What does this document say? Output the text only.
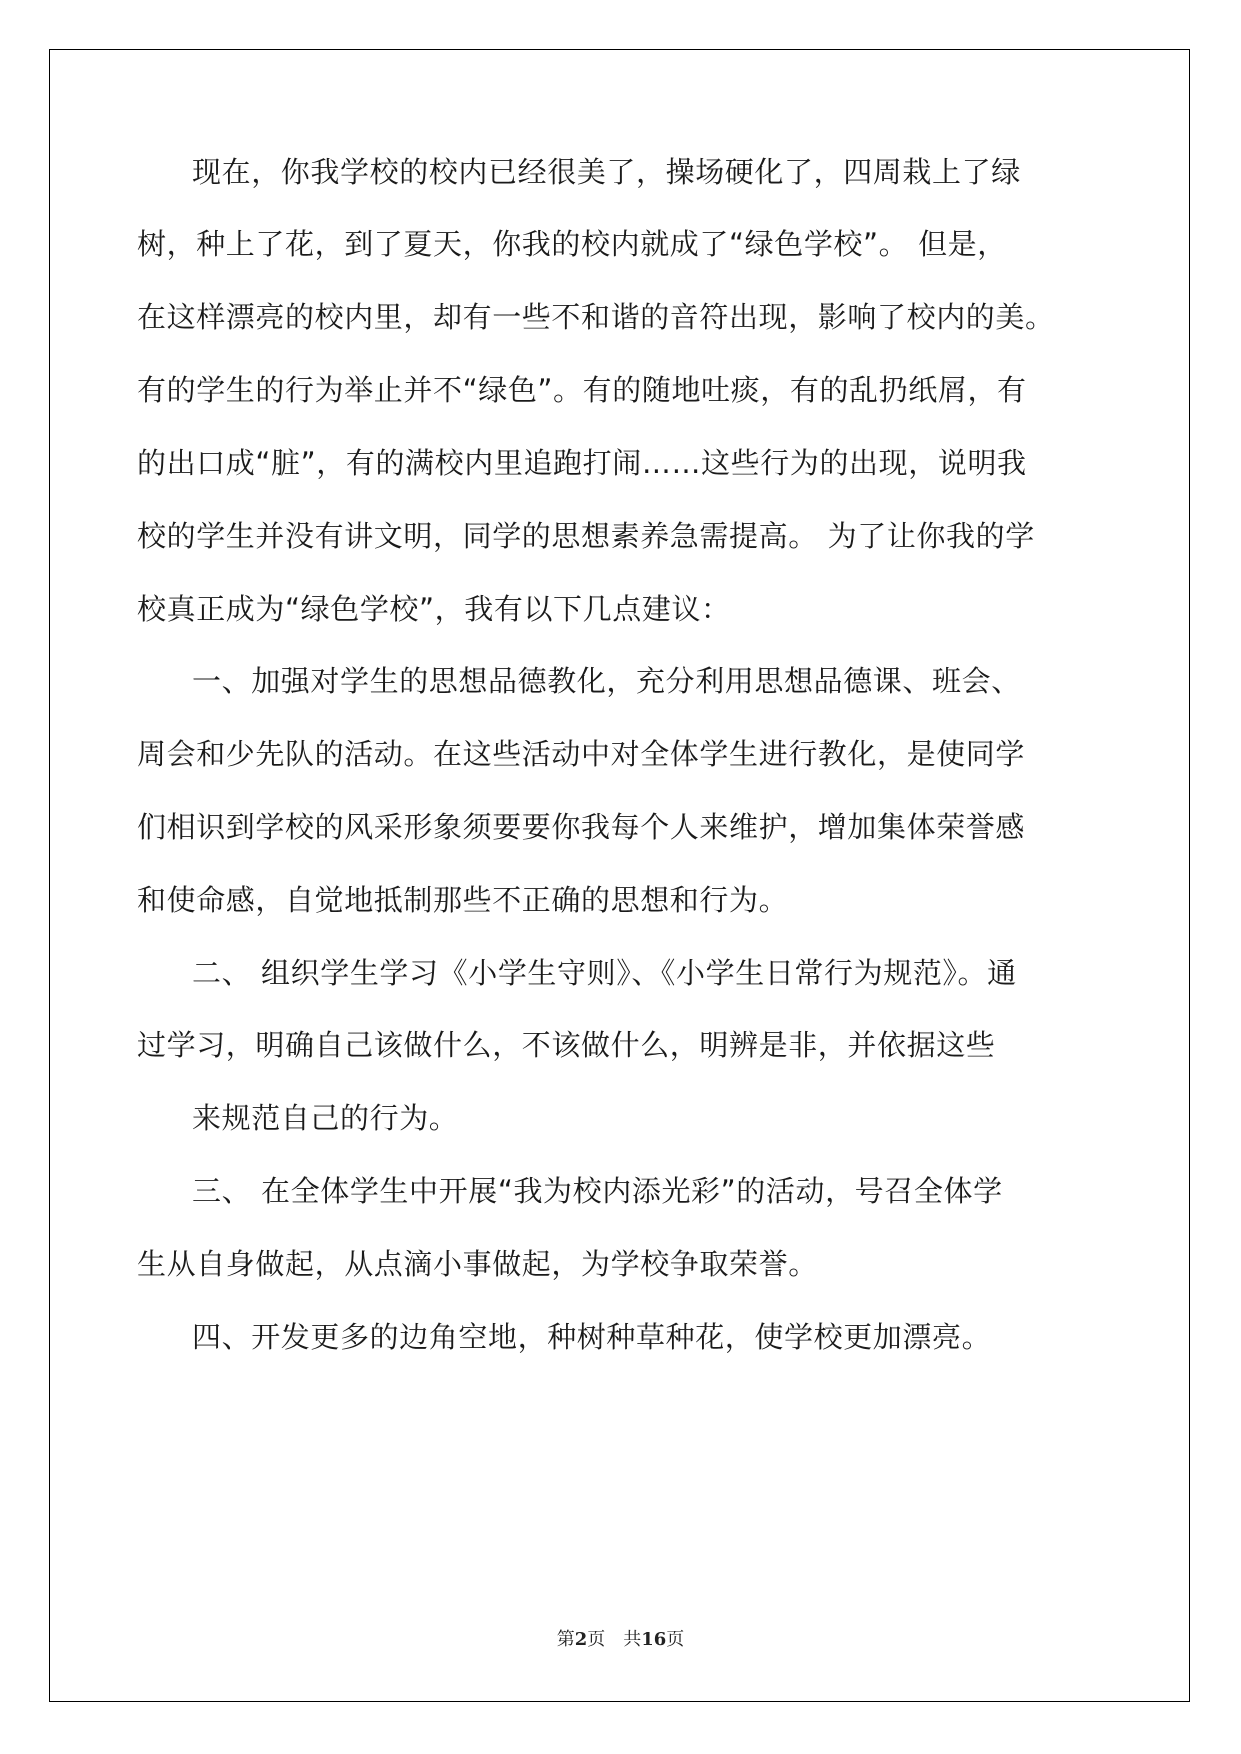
现在，你我学校的校内已经很美了，操场硬化了，四周栽上了绿
树，种上了花，到了夏天，你我的校内就成了“绿色学校”。 但是，
在这样漂亮的校内里，却有一些不和谐的音符出现，影响了校内的美。
有的学生的行为举止并不“绿色”。有的随地吐痰，有的乱扔纸屑，有
的出口成“脏”，有的满校内里追跑打闹……这些行为的出现，说明我
校的学生并没有讲文明，同学的思想素养急需提高。 为了让你我的学
校真正成为“绿色学校”，我有以下几点建议：
一、加强对学生的思想品德教化，充分利用思想品德课、班会、
周会和少先队的活动。在这些活动中对全体学生进行教化，是使同学
们相识到学校的风采形象须要要你我每个人来维护，增加集体荣誉感
和使命感，自觉地抵制那些不正确的思想和行为。
二、 组织学生学习《小学生守则》、《小学生日常行为规范》。通
过学习，明确自己该做什么，不该做什么，明辨是非，并依据这些
来规范自己的行为。
三、 在全体学生中开展“我为校内添光彩”的活动，号召全体学
生从自身做起，从点滴小事做起，为学校争取荣誉。
四、开发更多的边角空地，种树种草种花，使学校更加漂亮。
第2页 共16页
